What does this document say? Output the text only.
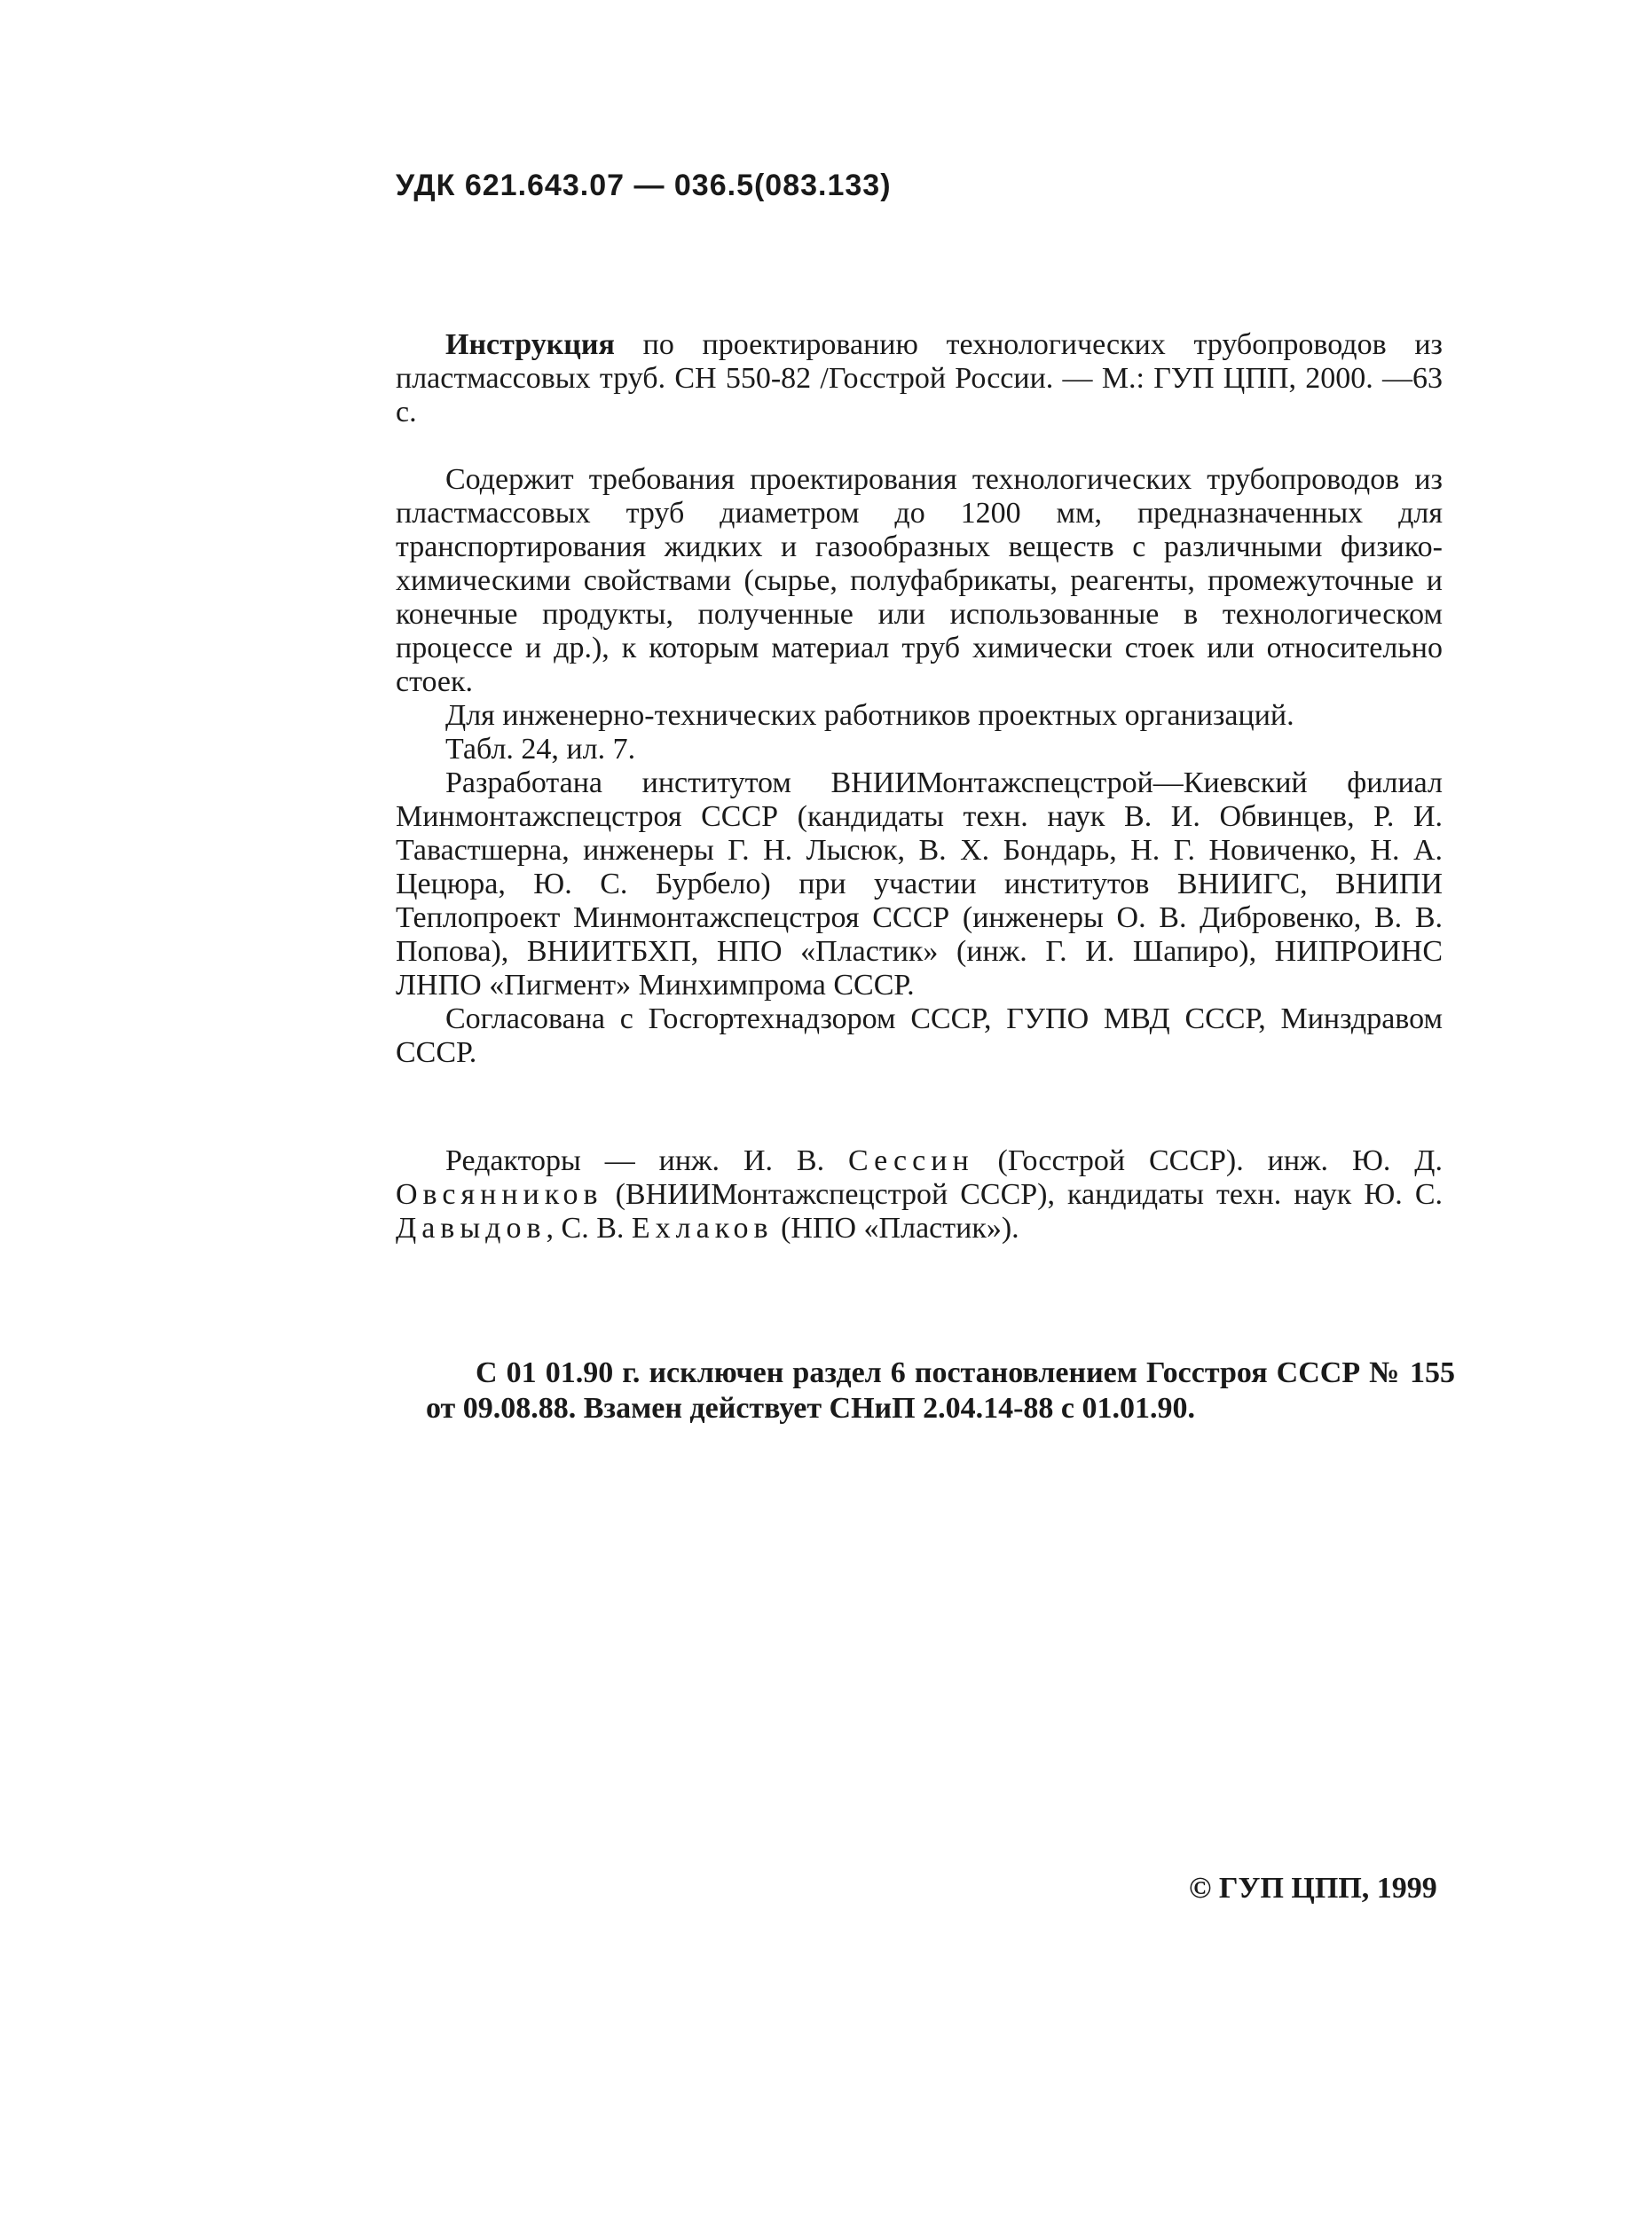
УДК 621.643.07 — 036.5(083.133)

Инструкция по проектированию технологических трубопроводов из пластмассовых труб. СН 550-82 /Госстрой России. — М.: ГУП ЦПП, 2000. —63 с.

Содержит требования проектирования технологических трубопроводов из пластмассовых труб диаметром до 1200 мм, предназначенных для транспортирования жидких и газообразных веществ с различными физико-химическими свойствами (сырье, полуфабрикаты, реагенты, промежуточные и конечные продукты, полученные или использованные в технологическом процессе и др.), к которым материал труб химически стоек или относительно стоек.

Для инженерно-технических работников проектных организаций.

Табл. 24, ил. 7.

Разработана институтом ВНИИМонтажспецстрой—Киевский филиал Минмонтажспецстроя СССР (кандидаты техн. наук В. И. Обвинцев, Р. И. Тавастшерна, инженеры Г. Н. Лысюк, В. Х. Бондарь, Н. Г. Новиченко, Н. А. Цецюра, Ю. С. Бурбело) при участии институтов ВНИИГС, ВНИПИ Теплопроект Минмонтажспецстроя СССР (инженеры О. В. Дибровенко, В. В. Попова), ВНИИТБХП, НПО «Пластик» (инж. Г. И. Шапиро), НИПРОИНС ЛНПО «Пигмент» Минхимпрома СССР.

Согласована с Госгортехнадзором СССР, ГУПО МВД СССР, Минздравом СССР.

Редакторы — инж. И. В. Сессин (Госстрой СССР). инж. Ю. Д. Овсянников (ВНИИМонтажспецстрой СССР), кандидаты техн. наук Ю. С. Давыдов, С. В. Ехлаков (НПО «Пластик»).

С 01 01.90 г. исключен раздел 6 постановлением Госстроя СССР № 155 от 09.08.88. Взамен действует СНиП 2.04.14-88 с 01.01.90.

© ГУП ЦПП, 1999
